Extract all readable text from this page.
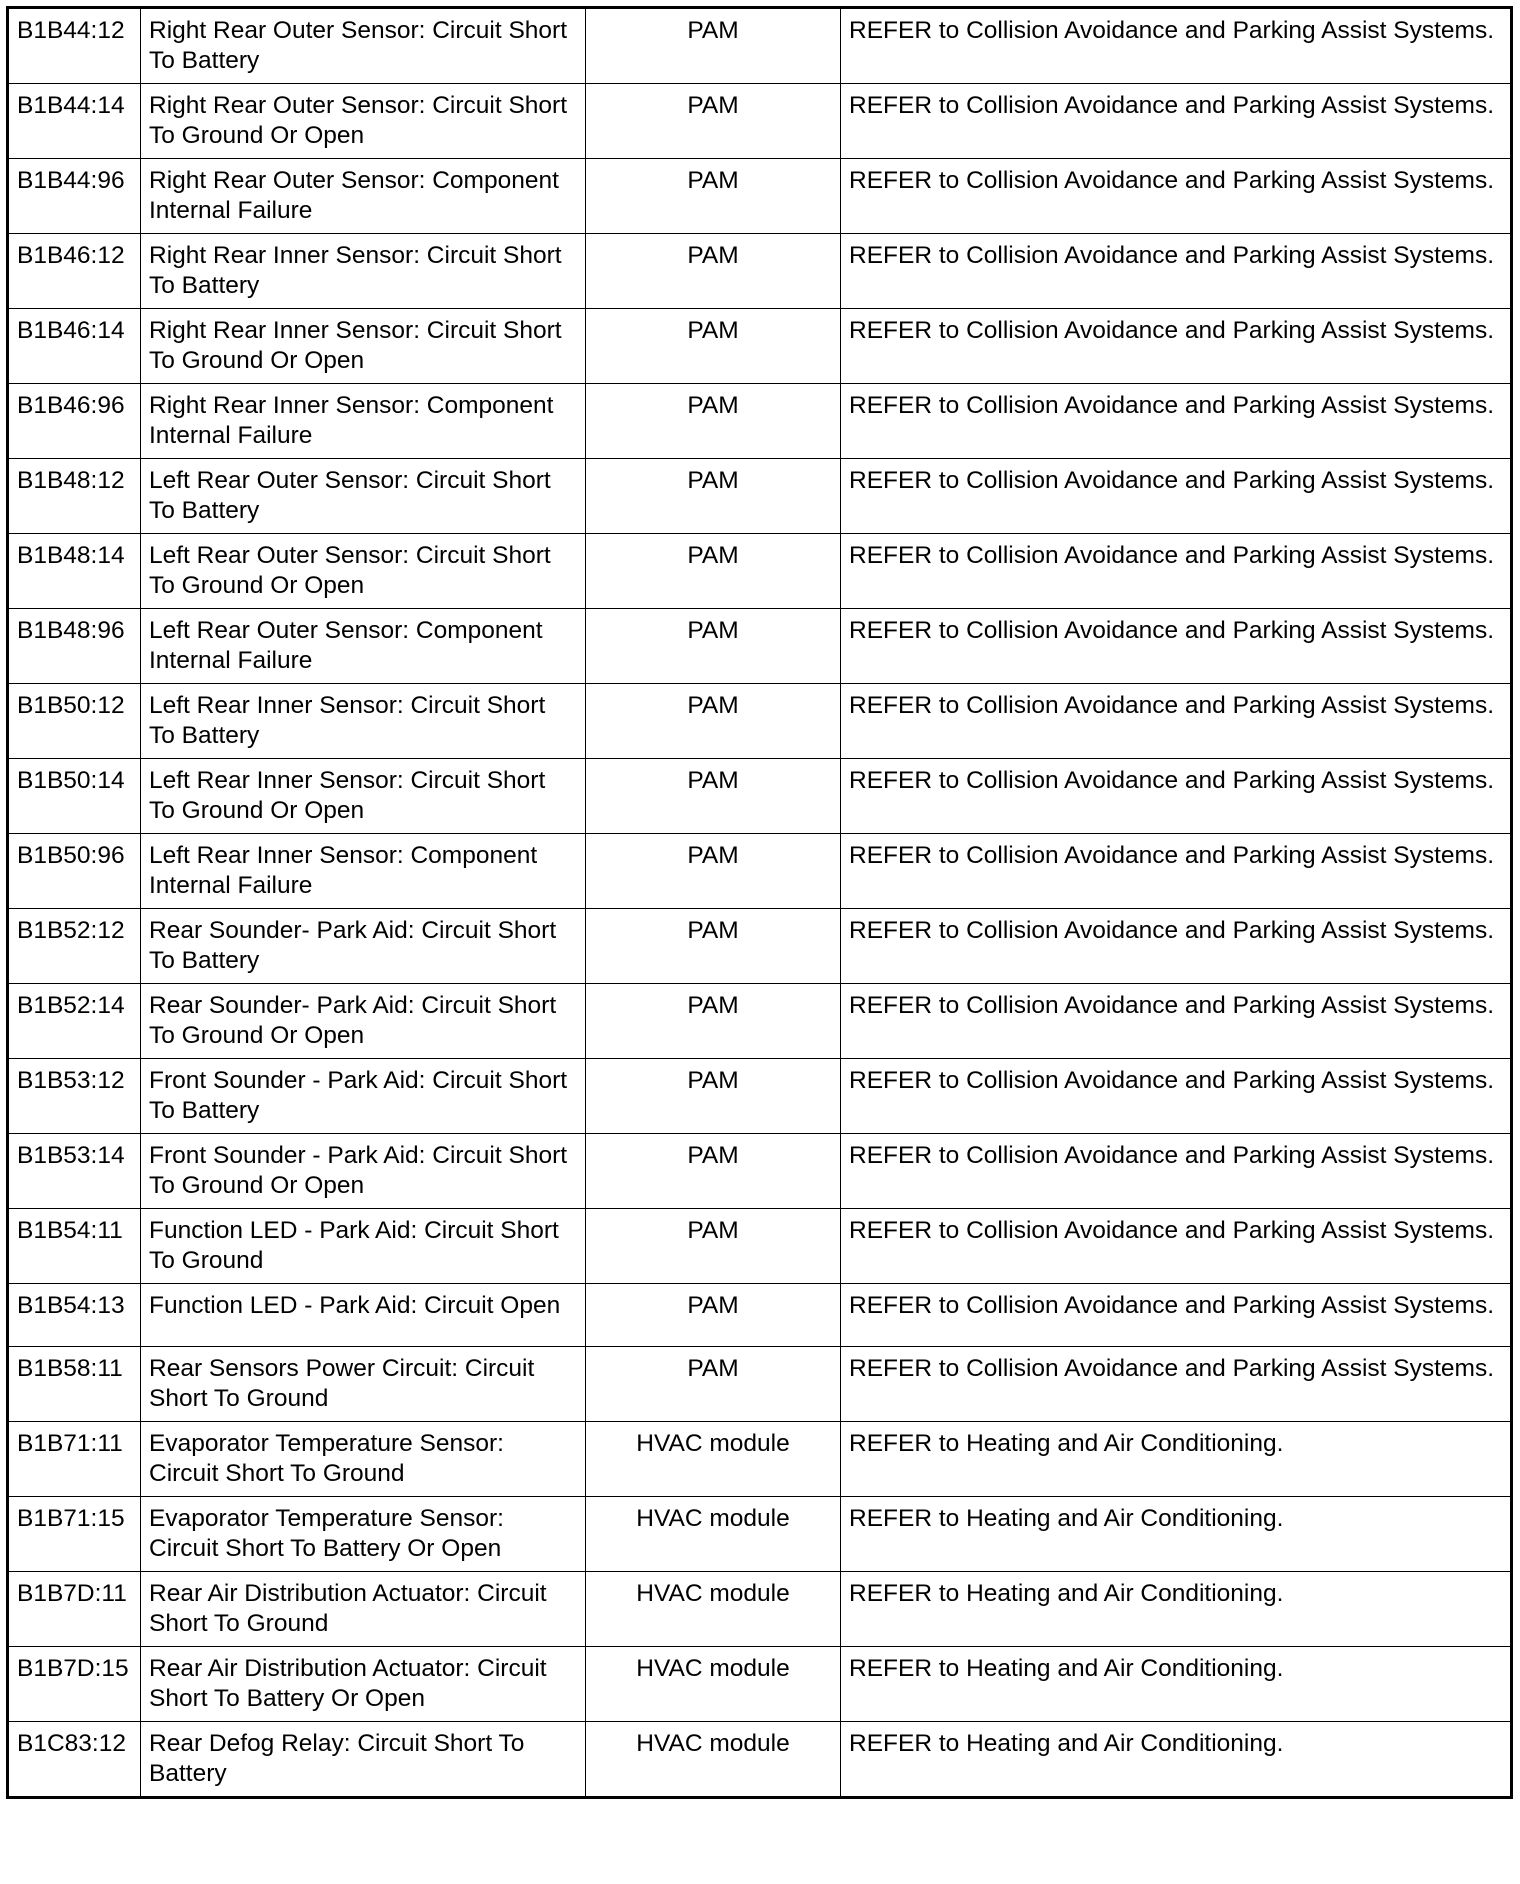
B1B44:12	Right Rear Outer Sensor: Circuit Short To Battery	PAM	REFER to Collision Avoidance and Parking Assist Systems.
B1B44:14	Right Rear Outer Sensor: Circuit Short To Ground Or Open	PAM	REFER to Collision Avoidance and Parking Assist Systems.
B1B44:96	Right Rear Outer Sensor: Component Internal Failure	PAM	REFER to Collision Avoidance and Parking Assist Systems.
B1B46:12	Right Rear Inner Sensor: Circuit Short To Battery	PAM	REFER to Collision Avoidance and Parking Assist Systems.
B1B46:14	Right Rear Inner Sensor: Circuit Short To Ground Or Open	PAM	REFER to Collision Avoidance and Parking Assist Systems.
B1B46:96	Right Rear Inner Sensor: Component Internal Failure	PAM	REFER to Collision Avoidance and Parking Assist Systems.
B1B48:12	Left Rear Outer Sensor: Circuit Short To Battery	PAM	REFER to Collision Avoidance and Parking Assist Systems.
B1B48:14	Left Rear Outer Sensor: Circuit Short To Ground Or Open	PAM	REFER to Collision Avoidance and Parking Assist Systems.
B1B48:96	Left Rear Outer Sensor: Component Internal Failure	PAM	REFER to Collision Avoidance and Parking Assist Systems.
B1B50:12	Left Rear Inner Sensor: Circuit Short To Battery	PAM	REFER to Collision Avoidance and Parking Assist Systems.
B1B50:14	Left Rear Inner Sensor: Circuit Short To Ground Or Open	PAM	REFER to Collision Avoidance and Parking Assist Systems.
B1B50:96	Left Rear Inner Sensor: Component Internal Failure	PAM	REFER to Collision Avoidance and Parking Assist Systems.
B1B52:12	Rear Sounder- Park Aid: Circuit Short To Battery	PAM	REFER to Collision Avoidance and Parking Assist Systems.
B1B52:14	Rear Sounder- Park Aid: Circuit Short To Ground Or Open	PAM	REFER to Collision Avoidance and Parking Assist Systems.
B1B53:12	Front Sounder - Park Aid: Circuit Short To Battery	PAM	REFER to Collision Avoidance and Parking Assist Systems.
B1B53:14	Front Sounder - Park Aid: Circuit Short To Ground Or Open	PAM	REFER to Collision Avoidance and Parking Assist Systems.
B1B54:11	Function LED - Park Aid: Circuit Short To Ground	PAM	REFER to Collision Avoidance and Parking Assist Systems.
B1B54:13	Function LED - Park Aid: Circuit Open	PAM	REFER to Collision Avoidance and Parking Assist Systems.
B1B58:11	Rear Sensors Power Circuit: Circuit Short To Ground	PAM	REFER to Collision Avoidance and Parking Assist Systems.
B1B71:11	Evaporator Temperature Sensor: Circuit Short To Ground	HVAC module	REFER to Heating and Air Conditioning.
B1B71:15	Evaporator Temperature Sensor: Circuit Short To Battery Or Open	HVAC module	REFER to Heating and Air Conditioning.
B1B7D:11	Rear Air Distribution Actuator: Circuit Short To Ground	HVAC module	REFER to Heating and Air Conditioning.
B1B7D:15	Rear Air Distribution Actuator: Circuit Short To Battery Or Open	HVAC module	REFER to Heating and Air Conditioning.
B1C83:12	Rear Defog Relay: Circuit Short To Battery	HVAC module	REFER to Heating and Air Conditioning.
